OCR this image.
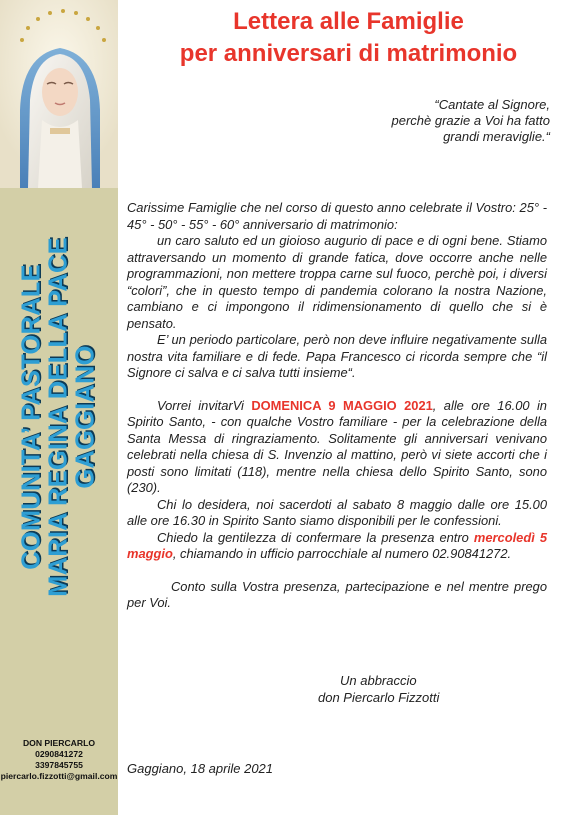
COMUNITA’ PASTORALE MARIA REGINA DELLA PACE GAGGIANO
DON PIERCARLO
0290841272
3397845755
piercarlo.fizzotti@gmail.com
Lettera alle Famiglie
per anniversari di matrimonio
“Cantate al Signore,
perchè grazie a Voi ha fatto
grandi meraviglie.“

Carissime Famiglie che nel corso di questo anno celebrate il Vostro: 25° - 45° - 50° - 55° - 60° anniversario di matrimonio:

un caro saluto ed un gioioso augurio di pace e di ogni bene. Stiamo attraversando un momento di grande fatica, dove occorre anche nelle programmazioni, non mettere troppa carne sul fuoco, perchè poi, i diversi “colori”, che in questo tempo di pandemia colorano la nostra Nazione, cambiano e ci impongono il ridimensionamento di quello che si è pensato.

E’ un periodo particolare, però non deve influire negativamente sulla nostra vita familiare e di fede. Papa Francesco ci ricorda sempre che “il Signore ci salva e ci salva tutti insieme“.

Vorrei invitarVi DOMENICA 9 MAGGIO 2021, alle ore 16.00 in Spirito Santo, - con qualche Vostro familiare - per la celebrazione della Santa Messa di ringraziamento. Solitamente gli anniversari venivano celebrati nella chiesa di S. Invenzio al mattino, però vi siete accorti che i posti sono limitati (118), mentre nella chiesa dello Spirito Santo, sono (230).

Chi lo desidera, noi sacerdoti al sabato 8 maggio dalle ore 15.00 alle ore 16.30 in Spirito Santo siamo disponibili per le confessioni.

Chiedo la gentilezza di confermare la presenza entro mercoledì 5 maggio, chiamando in ufficio parrocchiale al numero 02.90841272.

Conto sulla Vostra presenza, partecipazione e nel mentre prego per Voi.

Un abbraccio
don Piercarlo Fizzotti
Gaggiano, 18 aprile 2021
